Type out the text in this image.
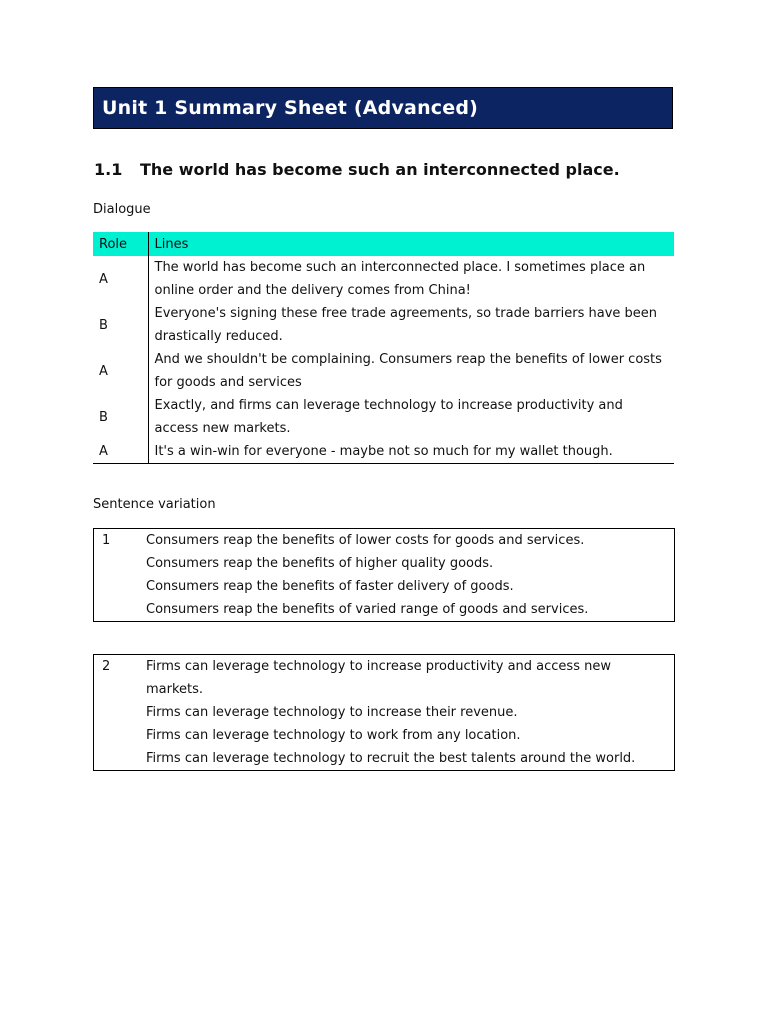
Unit 1 Summary Sheet (Advanced)
1.1 The world has become such an interconnected place.
Dialogue
Role	Lines
A	The world has become such an interconnected place. I sometimes place an online order and the delivery comes from China!
B	Everyone's signing these free trade agreements, so trade barriers have been drastically reduced.
A	And we shouldn't be complaining. Consumers reap the benefits of lower costs for goods and services
B	Exactly, and firms can leverage technology to increase productivity and access new markets.
A	It's a win-win for everyone - maybe not so much for my wallet though.
Sentence variation
1	Consumers reap the benefits of lower costs for goods and services.
Consumers reap the benefits of higher quality goods.
Consumers reap the benefits of faster delivery of goods.
Consumers reap the benefits of varied range of goods and services.
2	Firms can leverage technology to increase productivity and access new markets.
Firms can leverage technology to increase their revenue.
Firms can leverage technology to work from any location.
Firms can leverage technology to recruit the best talents around the world.
